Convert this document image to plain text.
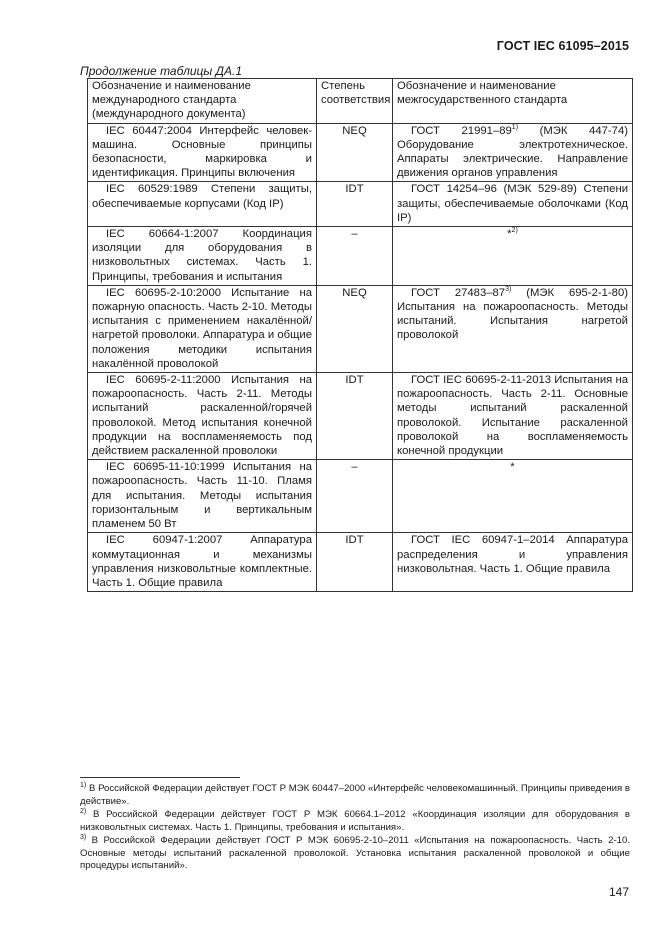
ГОСТ IEC 61095–2015
Продолжение таблицы ДА.1
Обозначение и наименование международного стандарта (международного документа)	Степень соответствия	Обозначение и наименование межгосударственного стандарта
IEC 60447:2004 Интерфейс человек-машина. Основные принципы безопасности, маркировка и идентификация. Принципы включения	NEQ	ГОСТ 21991–89$^{1)}$ (МЭК 447-74) Оборудование электротехническое. Аппараты электрические. Направление движения органов управления
IEC 60529:1989 Степени защиты, обеспечиваемые корпусами (Код IP)	IDT	ГОСТ 14254–96 (МЭК 529-89) Степени защиты, обеспечиваемые оболочками (Код IP)
IEC 60664-1:2007 Координация изоляции для оборудования в низковольтных системах. Часть 1. Принципы, требования и испытания	–	*$^{2)}$
IEC 60695-2-10:2000 Испытание на пожарную опасность. Часть 2-10. Методы испытания с применением накалённой/нагретой проволоки. Аппаратура и общие положения методики испытания накалённой проволокой	NEQ	ГОСТ 27483–87$^{3)}$ (МЭК 695-2-1-80) Испытания на пожароопасность. Методы испытаний. Испытания нагретой проволокой
IEC 60695-2-11:2000 Испытания на пожароопасность. Часть 2-11. Методы испытаний раскаленной/горячей проволокой. Метод испытания конечной продукции на воспламеняемость под действием раскаленной проволоки	IDT	ГОСТ IEC 60695-2-11-2013 Испытания на пожароопасность. Часть 2-11. Основные методы испытаний раскаленной проволокой. Испытание раскаленной проволокой на воспламеняемость конечной продукции
IEC 60695-11-10:1999 Испытания на пожароопасность. Часть 11-10. Пламя для испытания. Методы испытания горизонтальным и вертикальным пламенем 50 Вт	–	*
IEC 60947-1:2007 Аппаратура коммутационная и механизмы управления низковольтные комплектные. Часть 1. Общие правила	IDT	ГОСТ IEC 60947-1–2014 Аппаратура распределения и управления низковольтная. Часть 1. Общие правила

$^{1)}$ В Российской Федерации действует ГОСТ Р МЭК 60447–2000 «Интерфейс человекомашинный. Принципы приведения в действие».

$^{2)}$ В Российской Федерации действует ГОСТ Р МЭК 60664.1–2012 «Координация изоляции для оборудования в низковольтных системах. Часть 1. Принципы, требования и испытания».

$^{3)}$ В Российской Федерации действует ГОСТ Р МЭК 60695-2-10–2011 «Испытания на пожароопасность. Часть 2-10. Основные методы испытаний раскаленной проволокой. Установка испытания раскаленной проволокой и общие процедуры испытаний».

147
